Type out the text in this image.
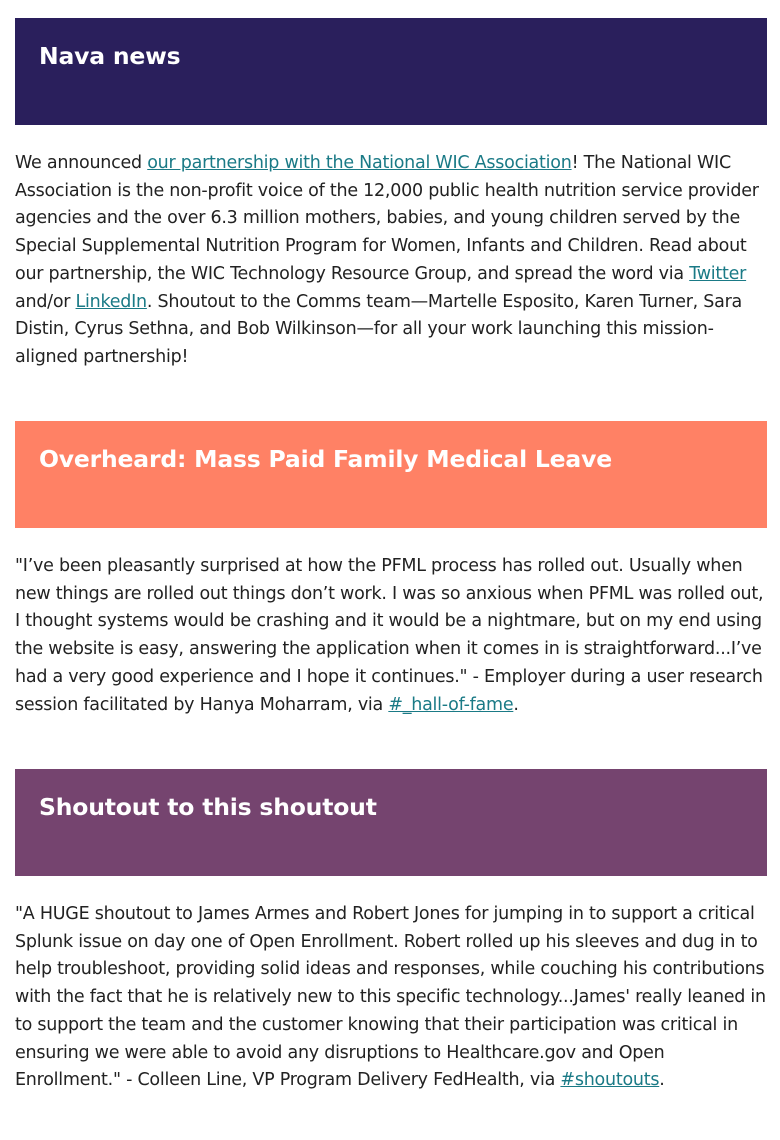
Nava news

We announced our partnership with the National WIC Association! The National WIC Association is the non-profit voice of the 12,000 public health nutrition service provider agencies and the over 6.3 million mothers, babies, and young children served by the Special Supplemental Nutrition Program for Women, Infants and Children. Read about our partnership, the WIC Technology Resource Group, and spread the word via Twitter and/or LinkedIn. Shoutout to the Comms team—Martelle Esposito, Karen Turner, Sara Distin, Cyrus Sethna, and Bob Wilkinson—for all your work launching this mission-aligned partnership!

Overheard: Mass Paid Family Medical Leave

"I’ve been pleasantly surprised at how the PFML process has rolled out. Usually when new things are rolled out things don’t work. I was so anxious when PFML was rolled out, I thought systems would be crashing and it would be a nightmare, but on my end using the website is easy, answering the application when it comes in is straightforward...I’ve had a very good experience and I hope it continues." - Employer during a user research session facilitated by Hanya Moharram, via #_hall-of-fame.

Shoutout to this shoutout

"A HUGE shoutout to James Armes and Robert Jones for jumping in to support a critical Splunk issue on day one of Open Enrollment. Robert rolled up his sleeves and dug in to help troubleshoot, providing solid ideas and responses, while couching his contributions with the fact that he is relatively new to this specific technology...James' really leaned in to support the team and the customer knowing that their participation was critical in ensuring we were able to avoid any disruptions to Healthcare.gov and Open Enrollment." - Colleen Line, VP Program Delivery FedHealth, via #shoutouts.
